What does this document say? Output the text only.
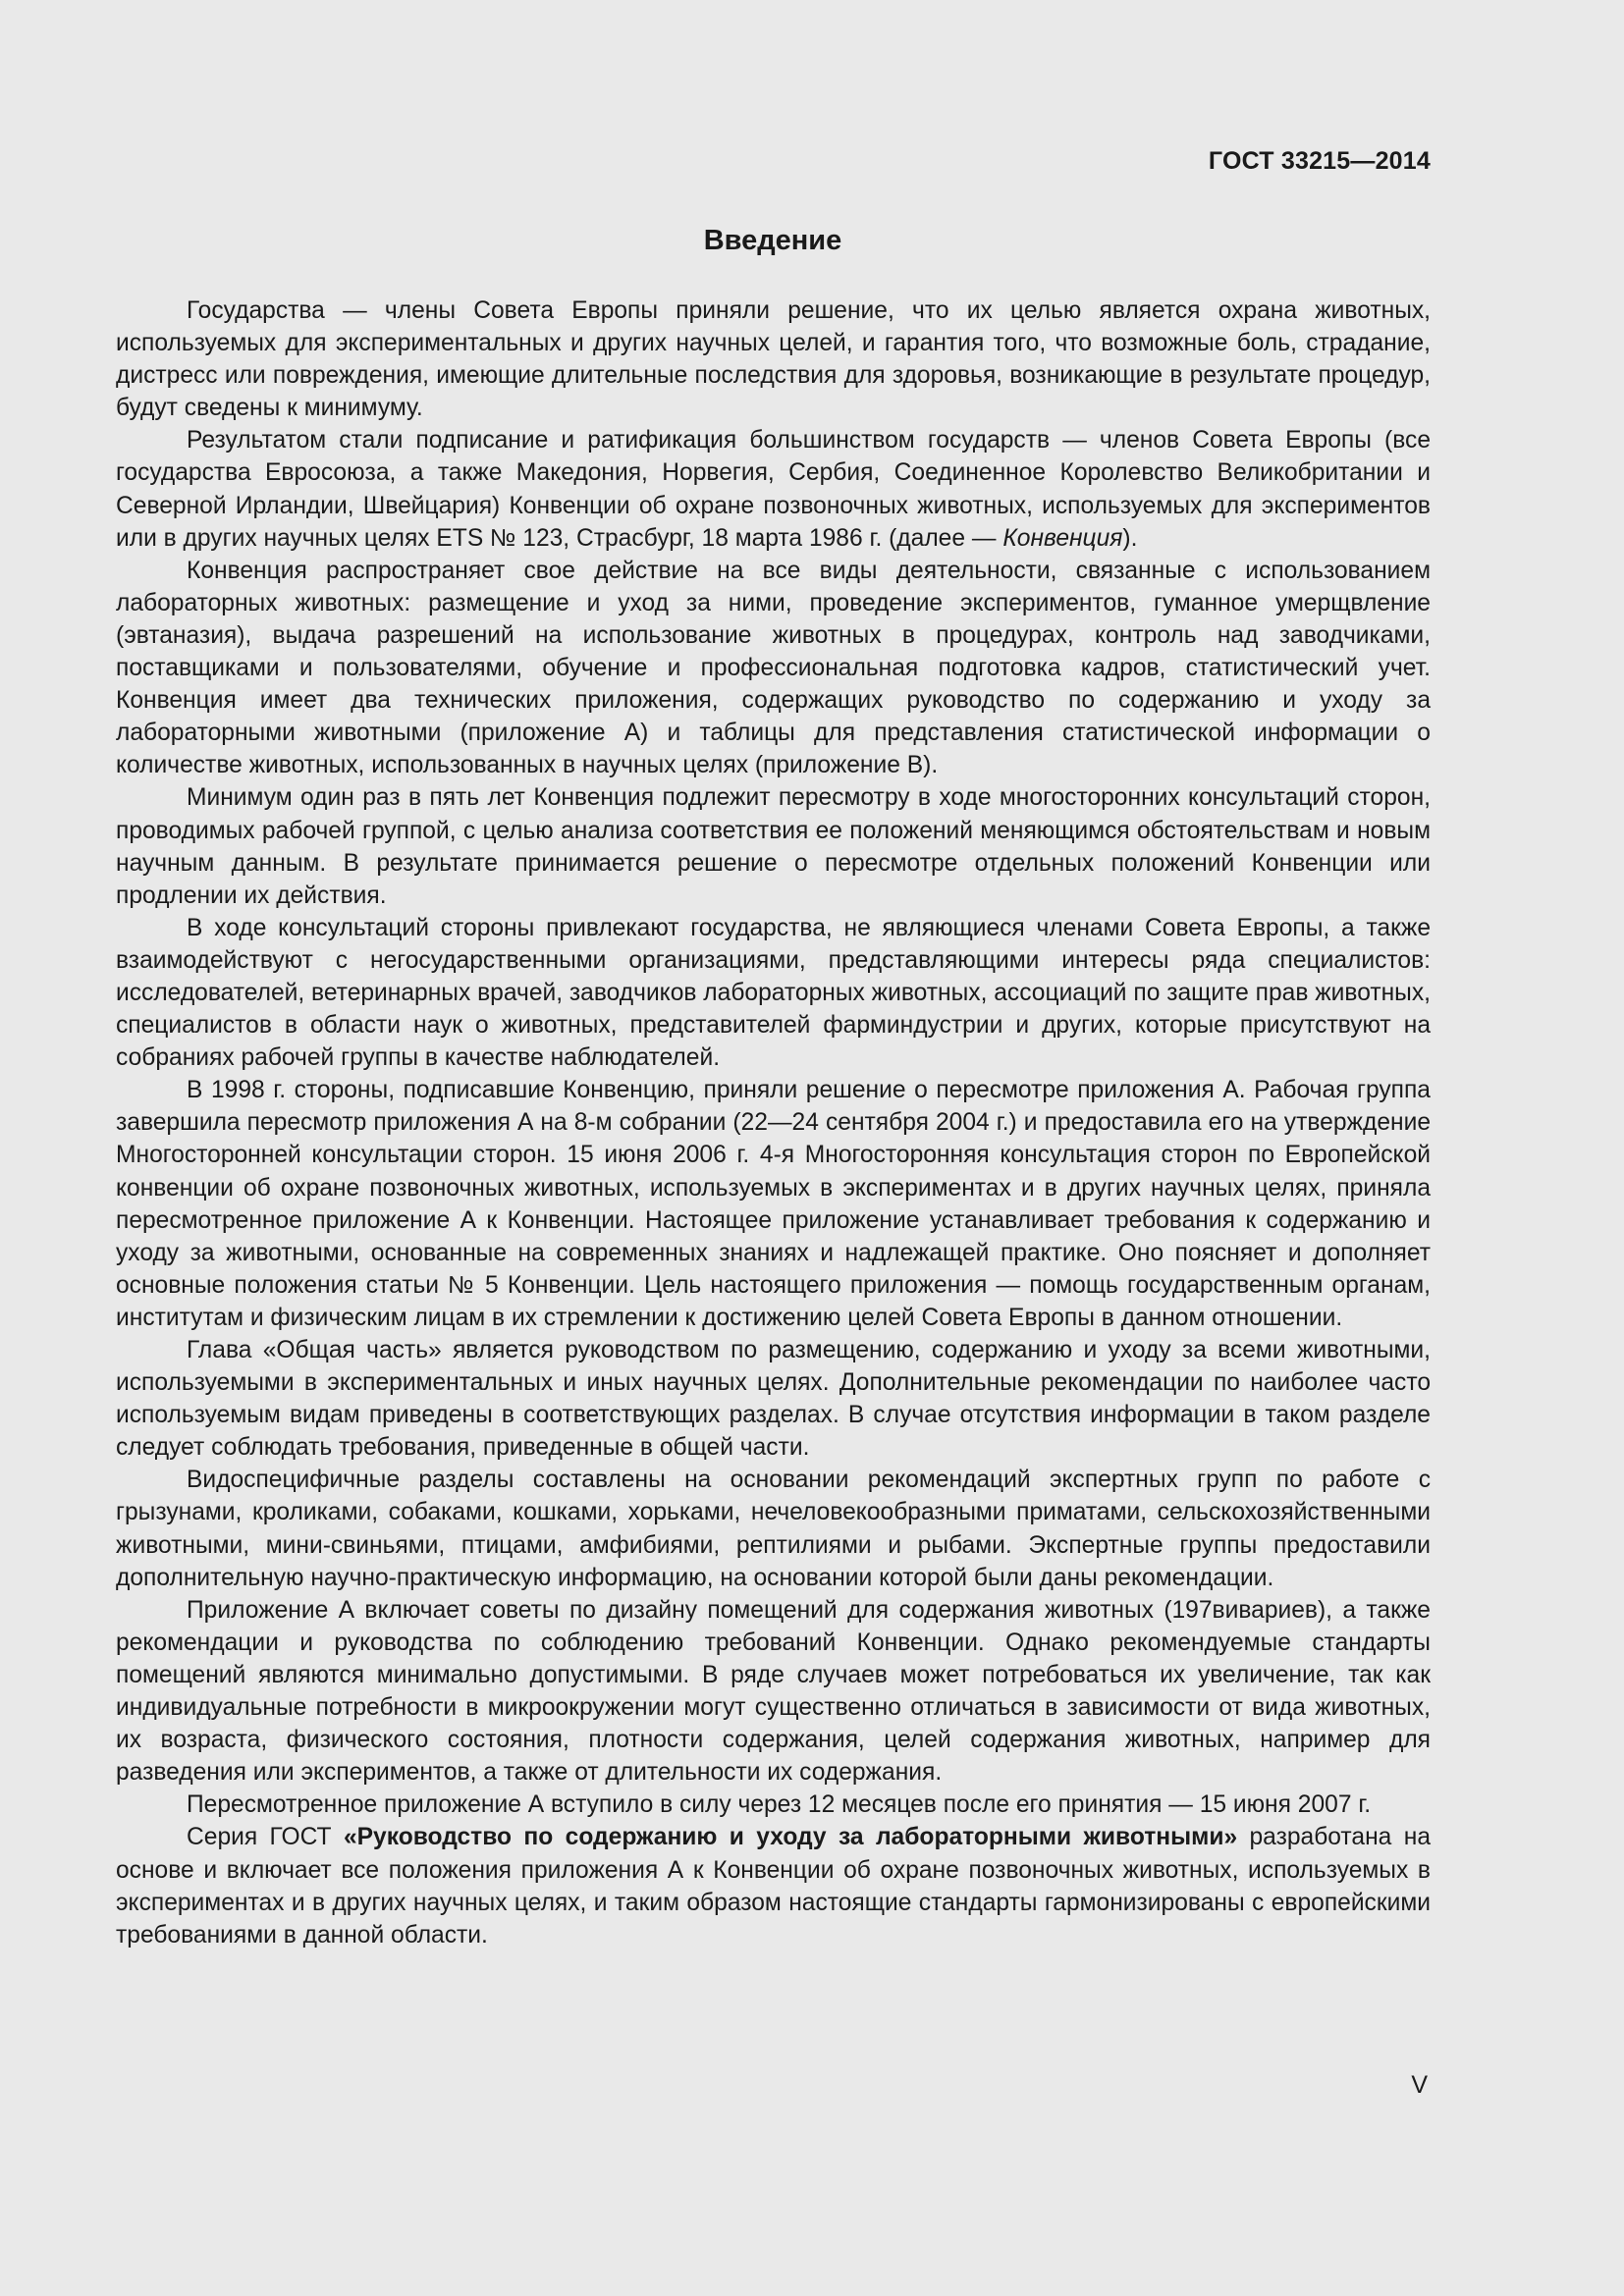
ГОСТ 33215—2014
Введение

Государства — члены Совета Европы приняли решение, что их целью является охрана животных, используемых для экспериментальных и других научных целей, и гарантия того, что возможные боль, страдание, дистресс или повреждения, имеющие длительные последствия для здоровья, возникающие в результате процедур, будут сведены к минимуму.

Результатом стали подписание и ратификация большинством государств — членов Совета Европы (все государства Евросоюза, а также Македония, Норвегия, Сербия, Соединенное Королевство Великобритании и Северной Ирландии, Швейцария) Конвенции об охране позвоночных животных, используемых для экспериментов или в других научных целях ETS № 123, Страсбург, 18 марта 1986 г. (далее — Конвенция).

Конвенция распространяет свое действие на все виды деятельности, связанные с использованием лабораторных животных: размещение и уход за ними, проведение экспериментов, гуманное умерщвление (эвтаназия), выдача разрешений на использование животных в процедурах, контроль над заводчиками, поставщиками и пользователями, обучение и профессиональная подготовка кадров, статистический учет. Конвенция имеет два технических приложения, содержащих руководство по содержанию и уходу за лабораторными животными (приложение А) и таблицы для представления статистической информации о количестве животных, использованных в научных целях (приложение В).

Минимум один раз в пять лет Конвенция подлежит пересмотру в ходе многосторонних консультаций сторон, проводимых рабочей группой, с целью анализа соответствия ее положений меняющимся обстоятельствам и новым научным данным. В результате принимается решение о пересмотре отдельных положений Конвенции или продлении их действия.

В ходе консультаций стороны привлекают государства, не являющиеся членами Совета Европы, а также взаимодействуют с негосударственными организациями, представляющими интересы ряда специалистов: исследователей, ветеринарных врачей, заводчиков лабораторных животных, ассоциаций по защите прав животных, специалистов в области наук о животных, представителей фарминдустрии и других, которые присутствуют на собраниях рабочей группы в качестве наблюдателей.

В 1998 г. стороны, подписавшие Конвенцию, приняли решение о пересмотре приложения А. Рабочая группа завершила пересмотр приложения А на 8-м собрании (22—24 сентября 2004 г.) и предоставила его на утверждение Многосторонней консультации сторон. 15 июня 2006 г. 4-я Многосторонняя консультация сторон по Европейской конвенции об охране позвоночных животных, используемых в экспериментах и в других научных целях, приняла пересмотренное приложение А к Конвенции. Настоящее приложение устанавливает требования к содержанию и уходу за животными, основанные на современных знаниях и надлежащей практике. Оно поясняет и дополняет основные положения статьи № 5 Конвенции. Цель настоящего приложения — помощь государственным органам, институтам и физическим лицам в их стремлении к достижению целей Совета Европы в данном отношении.

Глава «Общая часть» является руководством по размещению, содержанию и уходу за всеми животными, используемыми в экспериментальных и иных научных целях. Дополнительные рекомендации по наиболее часто используемым видам приведены в соответствующих разделах. В случае отсутствия информации в таком разделе следует соблюдать требования, приведенные в общей части.

Видоспецифичные разделы составлены на основании рекомендаций экспертных групп по работе с грызунами, кроликами, собаками, кошками, хорьками, нечеловекообразными приматами, сельскохозяйственными животными, мини-свиньями, птицами, амфибиями, рептилиями и рыбами. Экспертные группы предоставили дополнительную научно-практическую информацию, на основании которой были даны рекомендации.

Приложение А включает советы по дизайну помещений для содержания животных (197вивариев), а также рекомендации и руководства по соблюдению требований Конвенции. Однако рекомендуемые стандарты помещений являются минимально допустимыми. В ряде случаев может потребоваться их увеличение, так как индивидуальные потребности в микроокружении могут существенно отличаться в зависимости от вида животных, их возраста, физического состояния, плотности содержания, целей содержания животных, например для разведения или экспериментов, а также от длительности их содержания.

Пересмотренное приложение А вступило в силу через 12 месяцев после его принятия — 15 июня 2007 г.

Серия ГОСТ «Руководство по содержанию и уходу за лабораторными животными» разработана на основе и включает все положения приложения А к Конвенции об охране позвоночных животных, используемых в экспериментах и в других научных целях, и таким образом настоящие стандарты гармонизированы с европейскими требованиями в данной области.

V
